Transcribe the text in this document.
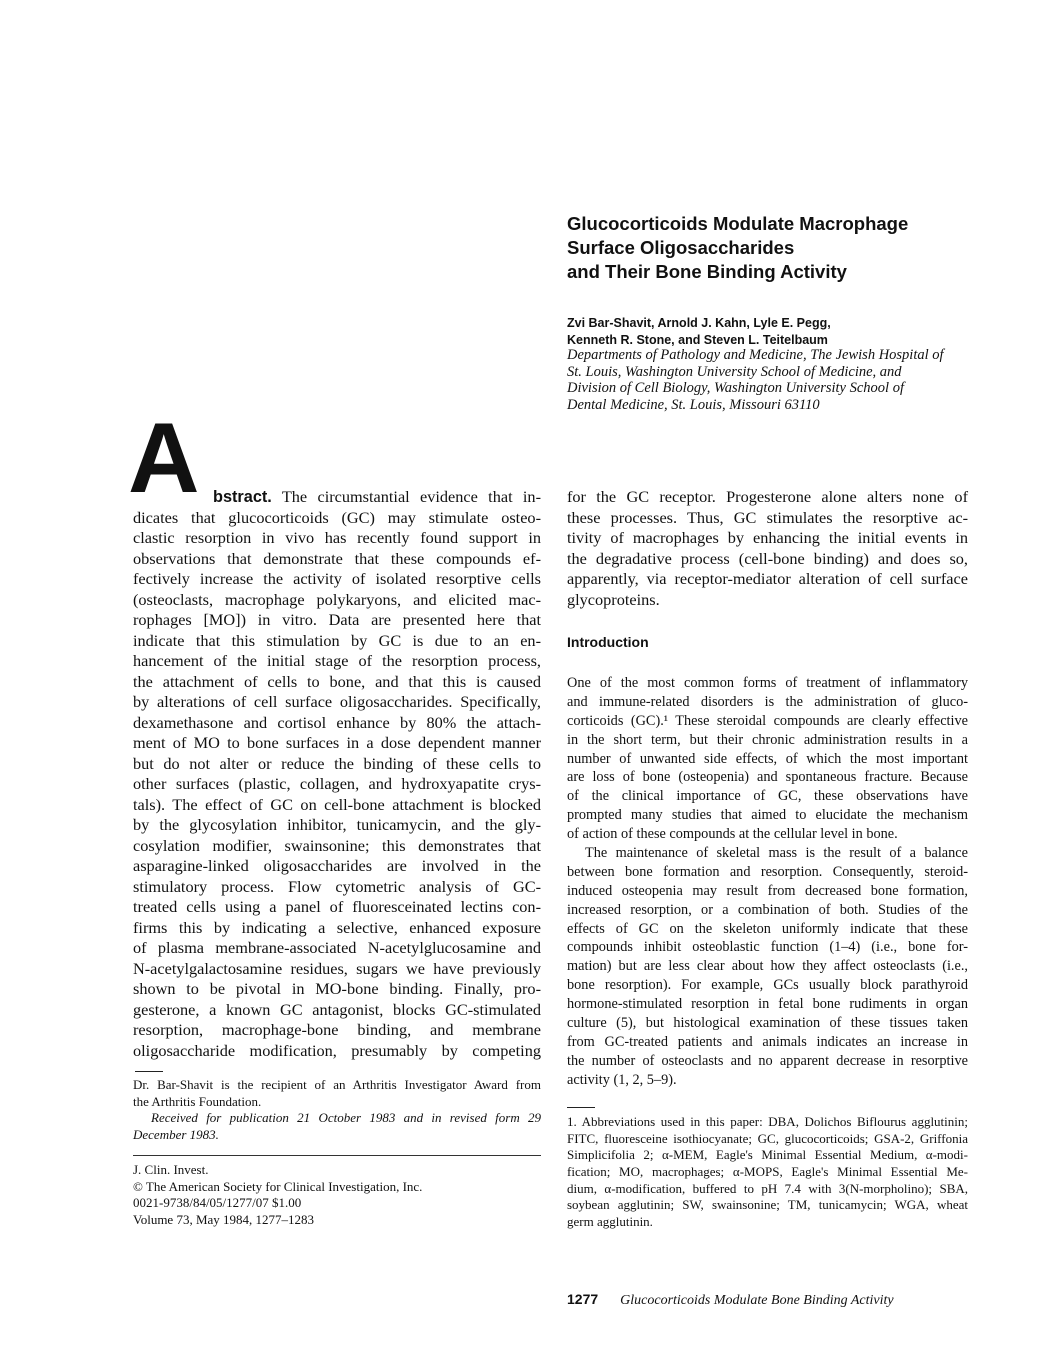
Glucocorticoids Modulate Macrophage
Surface Oligosaccharides
and Their Bone Binding Activity
Zvi Bar-Shavit, Arnold J. Kahn, Lyle E. Pegg,
Kenneth R. Stone, and Steven L. Teitelbaum
Departments of Pathology and Medicine, The Jewish Hospital of
St. Louis, Washington University School of Medicine, and
Division of Cell Biology, Washington University School of
Dental Medicine, St. Louis, Missouri 63110
A bstract. The circumstantial evidence that in-
dicates that glucocorticoids (GC) may stimulate osteo-
clastic resorption in vivo has recently found support in
observations that demonstrate that these compounds ef-
fectively increase the activity of isolated resorptive cells
(osteoclasts, macrophage polykaryons, and elicited mac-
rophages [MO]) in vitro. Data are presented here that
indicate that this stimulation by GC is due to an en-
hancement of the initial stage of the resorption process,
the attachment of cells to bone, and that this is caused
by alterations of cell surface oligosaccharides. Specifically,
dexamethasone and cortisol enhance by 80% the attach-
ment of MO to bone surfaces in a dose dependent manner
but do not alter or reduce the binding of these cells to
other surfaces (plastic, collagen, and hydroxyapatite crys-
tals). The effect of GC on cell-bone attachment is blocked
by the glycosylation inhibitor, tunicamycin, and the gly-
cosylation modifier, swainsonine; this demonstrates that
asparagine-linked oligosaccharides are involved in the
stimulatory process. Flow cytometric analysis of GC-
treated cells using a panel of fluoresceinated lectins con-
firms this by indicating a selective, enhanced exposure
of plasma membrane-associated N-acetylglucosamine and
N-acetylgalactosamine residues, sugars we have previously
shown to be pivotal in MO-bone binding. Finally, pro-
gesterone, a known GC antagonist, blocks GC-stimulated
resorption, macrophage-bone binding, and membrane
oligosaccharide modification, presumably by competing
for the GC receptor. Progesterone alone alters none of
these processes. Thus, GC stimulates the resorptive ac-
tivity of macrophages by enhancing the initial events in
the degradative process (cell-bone binding) and does so,
apparently, via receptor-mediator alteration of cell surface
glycoproteins.
Introduction
One of the most common forms of treatment of inflammatory
and immune-related disorders is the administration of gluco-
corticoids (GC).¹ These steroidal compounds are clearly effective
in the short term, but their chronic administration results in a
number of unwanted side effects, of which the most important
are loss of bone (osteopenia) and spontaneous fracture. Because
of the clinical importance of GC, these observations have
prompted many studies that aimed to elucidate the mechanism
of action of these compounds at the cellular level in bone.
The maintenance of skeletal mass is the result of a balance
between bone formation and resorption. Consequently, steroid-
induced osteopenia may result from decreased bone formation,
increased resorption, or a combination of both. Studies of the
effects of GC on the skeleton uniformly indicate that these
compounds inhibit osteoblastic function (1–4) (i.e., bone for-
mation) but are less clear about how they affect osteoclasts (i.e.,
bone resorption). For example, GCs usually block parathyroid
hormone-stimulated resorption in fetal bone rudiments in organ
culture (5), but histological examination of these tissues taken
from GC-treated patients and animals indicates an increase in
the number of osteoclasts and no apparent decrease in resorptive
activity (1, 2, 5–9).
Dr. Bar-Shavit is the recipient of an Arthritis Investigator Award from
the Arthritis Foundation.
Received for publication 21 October 1983 and in revised form 29
December 1983.
J. Clin. Invest.
© The American Society for Clinical Investigation, Inc.
0021-9738/84/05/1277/07 $1.00
Volume 73, May 1984, 1277–1283
1. Abbreviations used in this paper: DBA, Dolichos Biflourus agglutinin;
FITC, fluoresceine isothiocyanate; GC, glucocorticoids; GSA-2, Griffonia
Simplicifolia 2; α-MEM, Eagle's Minimal Essential Medium, α-modi-
fication; MO, macrophages; α-MOPS, Eagle's Minimal Essential Me-
dium, α-modification, buffered to pH 7.4 with 3(N-morpholino); SBA,
soybean agglutinin; SW, swainsonine; TM, tunicamycin; WGA, wheat
germ agglutinin.
1277 Glucocorticoids Modulate Bone Binding Activity
